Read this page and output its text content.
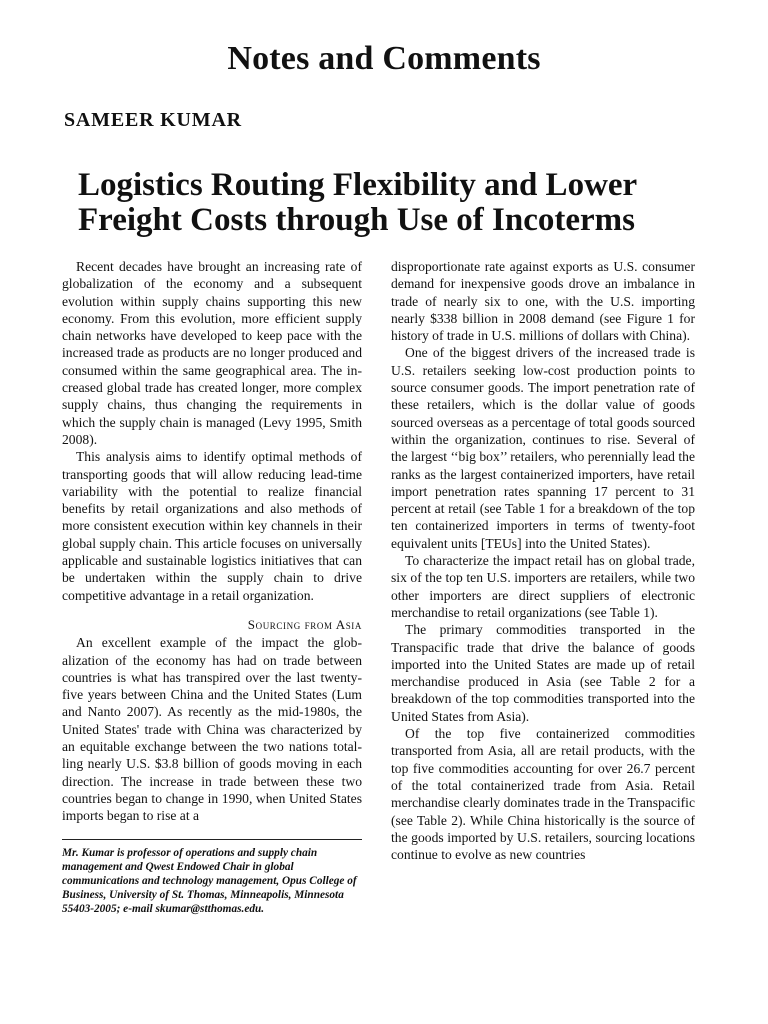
Notes and Comments
SAMEER KUMAR
Logistics Routing Flexibility and Lower
Freight Costs through Use of Incoterms

Recent decades have brought an increasing rate of globalization of the economy and a subsequent evolution within supply chains supporting this new economy. From this evolution, more efficient supply chain networks have developed to keep pace with the increased trade as products are no longer produced and consumed within the same geographical area. The increased global trade has created longer, more complex supply chains, thus changing the requirements in which the supply chain is managed (Levy 1995, Smith 2008).

This analysis aims to identify optimal methods of transporting goods that will allow reducing lead-time variability with the potential to realize financial benefits by retail organizations and also methods of more consistent execution within key channels in their global supply chain. This article focuses on universally applicable and sustainable logistics initiatives that can be undertaken within the supply chain to drive competitive advantage in a retail organization.

Sourcing from Asia

An excellent example of the impact the globalization of the economy has had on trade between countries is what has transpired over the last twenty-five years between China and the United States (Lum and Nanto 2007). As recently as the mid-1980s, the United States' trade with China was characterized by an equitable exchange between the two nations totalling nearly U.S. $3.8 billion of goods moving in each direction. The increase in trade between these two countries began to change in 1990, when United States imports began to rise at a

Mr. Kumar is professor of operations and supply chain management and Qwest Endowed Chair in global communications and technology management, Opus College of Business, University of St. Thomas, Minneapolis, Minnesota 55403-2005; e-mail skumar@stthomas.edu.

disproportionate rate against exports as U.S. consumer demand for inexpensive goods drove an imbalance in trade of nearly six to one, with the U.S. importing nearly $338 billion in 2008 demand (see Figure 1 for history of trade in U.S. millions of dollars with China).

One of the biggest drivers of the increased trade is U.S. retailers seeking low-cost production points to source consumer goods. The import penetration rate of these retailers, which is the dollar value of goods sourced overseas as a percentage of total goods sourced within the organization, continues to rise. Several of the largest ‘‘big box’’ retailers, who perennially lead the ranks as the largest containerized importers, have retail import penetration rates spanning 17 percent to 31 percent at retail (see Table 1 for a breakdown of the top ten containerized importers in terms of twenty-foot equivalent units [TEUs] into the United States).

To characterize the impact retail has on global trade, six of the top ten U.S. importers are retailers, while two other importers are direct suppliers of electronic merchandise to retail organizations (see Table 1).

The primary commodities transported in the Transpacific trade that drive the balance of goods imported into the United States are made up of retail merchandise produced in Asia (see Table 2 for a breakdown of the top commodities transported into the United States from Asia).

Of the top five containerized commodities transported from Asia, all are retail products, with the top five commodities accounting for over 26.7 percent of the total containerized trade from Asia. Retail merchandise clearly dominates trade in the Transpacific (see Table 2). While China historically is the source of the goods imported by U.S. retailers, sourcing locations continue to evolve as new countries
